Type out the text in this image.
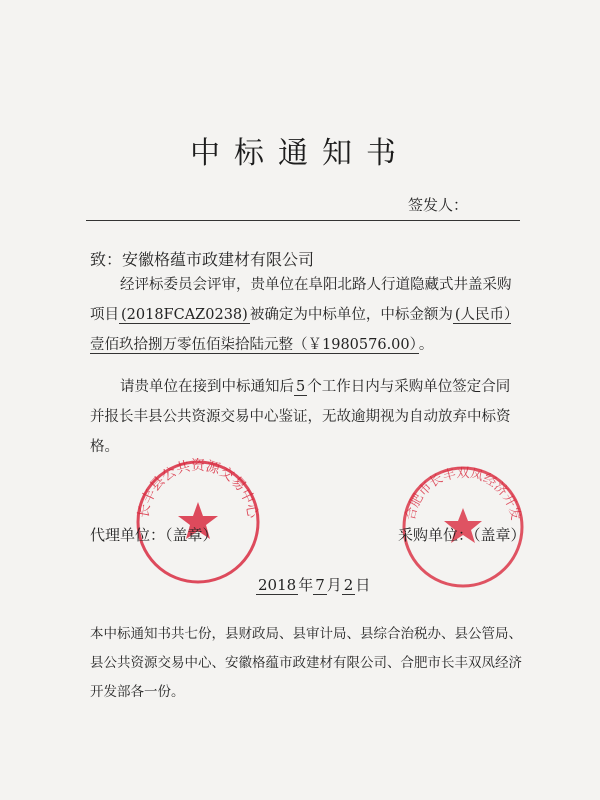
中标通知书
签发人：
致：安徽格蕴市政建材有限公司
经评标委员会评审，贵单位在阜阳北路人行道隐藏式井盖采购项目 (2018FCAZ0238) 被确定为中标单位，中标金额为 (人民币）壹佰玖拾捌万零伍佰柒拾陆元整（￥1980576.00） 。
请贵单位在接到中标通知后 5 个工作日内与采购单位签定合同并报长丰县公共资源交易中心鉴证，无故逾期视为自动放弃中标资格。
长丰县公共资源交易中心	合肥市长丰双凤经济开发
代理单位：（盖章）	采购单位：（盖章）
2018 年 7 月 2 日
本中标通知书共七份，县财政局、县审计局、县综合治税办、县公管局、县公共资源交易中心、安徽格蕴市政建材有限公司、合肥市长丰双凤经济开发部各一份。
